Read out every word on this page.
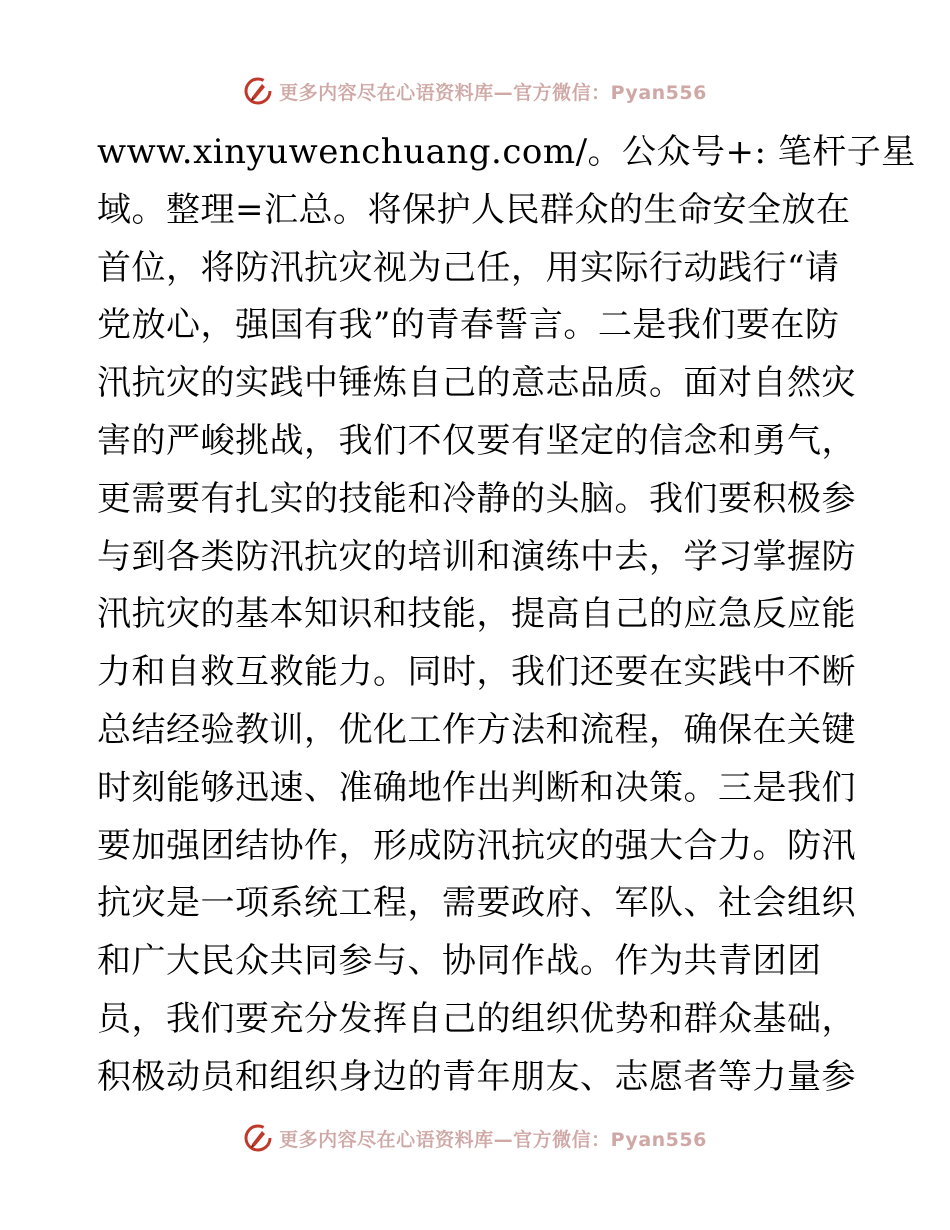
更多内容尽在心语资料库—官方微信：Pyan556
www.xinyuwenchuang.com/。公众号+: 笔杆子星
域。整理=汇总。将保护人民群众的生命安全放在
首位，将防汛抗灾视为己任，用实际行动践行“请
党放心，强国有我”的青春誓言。二是我们要在防
汛抗灾的实践中锤炼自己的意志品质。面对自然灾
害的严峻挑战，我们不仅要有坚定的信念和勇气，
更需要有扎实的技能和冷静的头脑。我们要积极参
与到各类防汛抗灾的培训和演练中去，学习掌握防
汛抗灾的基本知识和技能，提高自己的应急反应能
力和自救互救能力。同时，我们还要在实践中不断
总结经验教训，优化工作方法和流程，确保在关键
时刻能够迅速、准确地作出判断和决策。三是我们
要加强团结协作，形成防汛抗灾的强大合力。防汛
抗灾是一项系统工程，需要政府、军队、社会组织
和广大民众共同参与、协同作战。作为共青团团
员，我们要充分发挥自己的组织优势和群众基础，
积极动员和组织身边的青年朋友、志愿者等力量参
更多内容尽在心语资料库—官方微信：Pyan556
